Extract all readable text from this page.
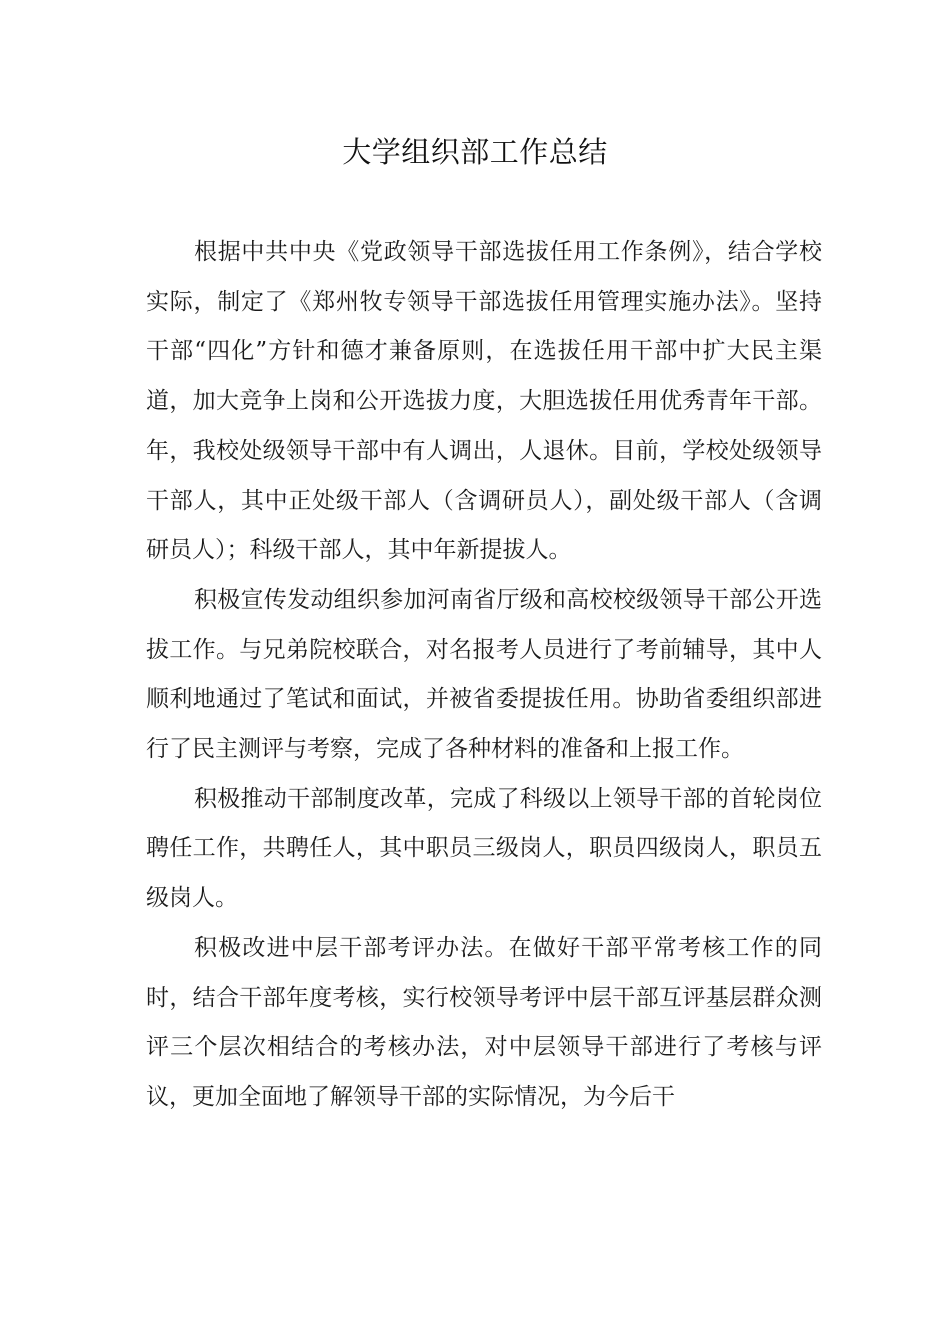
大学组织部工作总结

根据中共中央《党政领导干部选拔任用工作条例》，结合学校实际，制定了《郑州牧专领导干部选拔任用管理实施办法》。坚持干部“四化”方针和德才兼备原则，在选拔任用干部中扩大民主渠道，加大竞争上岗和公开选拔力度，大胆选拔任用优秀青年干部。年，我校处级领导干部中有人调出，人退休。目前，学校处级领导干部人，其中正处级干部人（含调研员人），副处级干部人（含调研员人）；科级干部人，其中年新提拔人。

积极宣传发动组织参加河南省厅级和高校校级领导干部公开选拔工作。与兄弟院校联合，对名报考人员进行了考前辅导，其中人顺利地通过了笔试和面试，并被省委提拔任用。协助省委组织部进行了民主测评与考察，完成了各种材料的准备和上报工作。

积极推动干部制度改革，完成了科级以上领导干部的首轮岗位聘任工作，共聘任人，其中职员三级岗人，职员四级岗人，职员五级岗人。

积极改进中层干部考评办法。在做好干部平常考核工作的同时，结合干部年度考核，实行校领导考评中层干部互评基层群众测评三个层次相结合的考核办法，对中层领导干部进行了考核与评议，更加全面地了解领导干部的实际情况，为今后干
